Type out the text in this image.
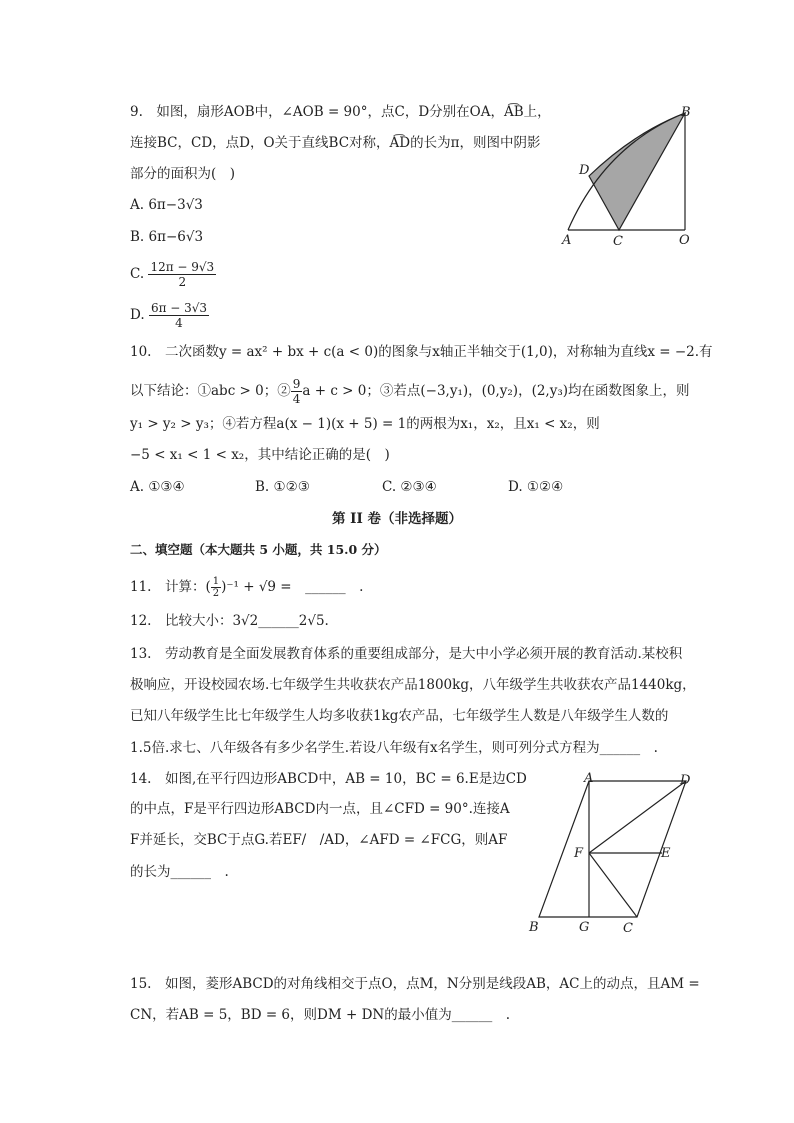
9.　如图，扇形AOB中，∠AOB = 90°，点C，D分别在OA，A͡B上，
连接BC，CD，点D，O关于直线BC对称，A͡D的长为π，则图中阴影
部分的面积为(　)
A. 6π−3√3
B. 6π−6√3
C. $\frac{12\pi - 9√3}{2}$
D. $\frac{6\pi - 3√3}{4}$
B
D
A	C	O
10.　二次函数y = ax² + bx + c(a < 0)的图象与x轴正半轴交于(1,0)，对称轴为直线x = −2.有
以下结论：①abc > 0；② $\frac{9}{4}$ a + c > 0；③若点(−3,y₁)，(0,y₂)，(2,y₃)均在函数图象上，则
y₁ > y₂ > y₃；④若方程a(x − 1)(x + 5) = 1的两根为x₁，x₂，且x₁ < x₂，则
−5 < x₁ < 1 < x₂，其中结论正确的是(　)
A. ①③④	B. ①②③	C. ②③④	D. ①②④
第 II 卷（非选择题）
二、填空题（本大题共 5 小题，共 15.0 分）
11.　计算：( $\frac{1}{2} )^{-1} + √9$ =　______　.
12.　比较大小：3√2______2√5.
13.　劳动教育是全面发展教育体系的重要组成部分，是大中小学必须开展的教育活动.某校积
极响应，开设校园农场.七年级学生共收获农产品1800kg，八年级学生共收获农产品1440kg，
已知八年级学生比七年级学生人均多收获1kg农产品，七年级学生人数是八年级学生人数的
1.5倍.求七、八年级各有多少名学生.若设八年级有x名学生，则可列分式方程为______　.
14.　如图,在平行四边形ABCD中，AB = 10，BC = 6.E是边CD
的中点，F是平行四边形ABCD内一点，且∠CFD = 90°.连接A
F并延长，交BC于点G.若EF/　/AD，∠AFD = ∠FCG，则AF
的长为______　.
A	D
F	E
B	G	C
15.　如图，菱形ABCD的对角线相交于点O，点M，N分别是线段AB，AC上的动点，且AM =
CN，若AB = 5，BD = 6，则DM + DN的最小值为______　.
